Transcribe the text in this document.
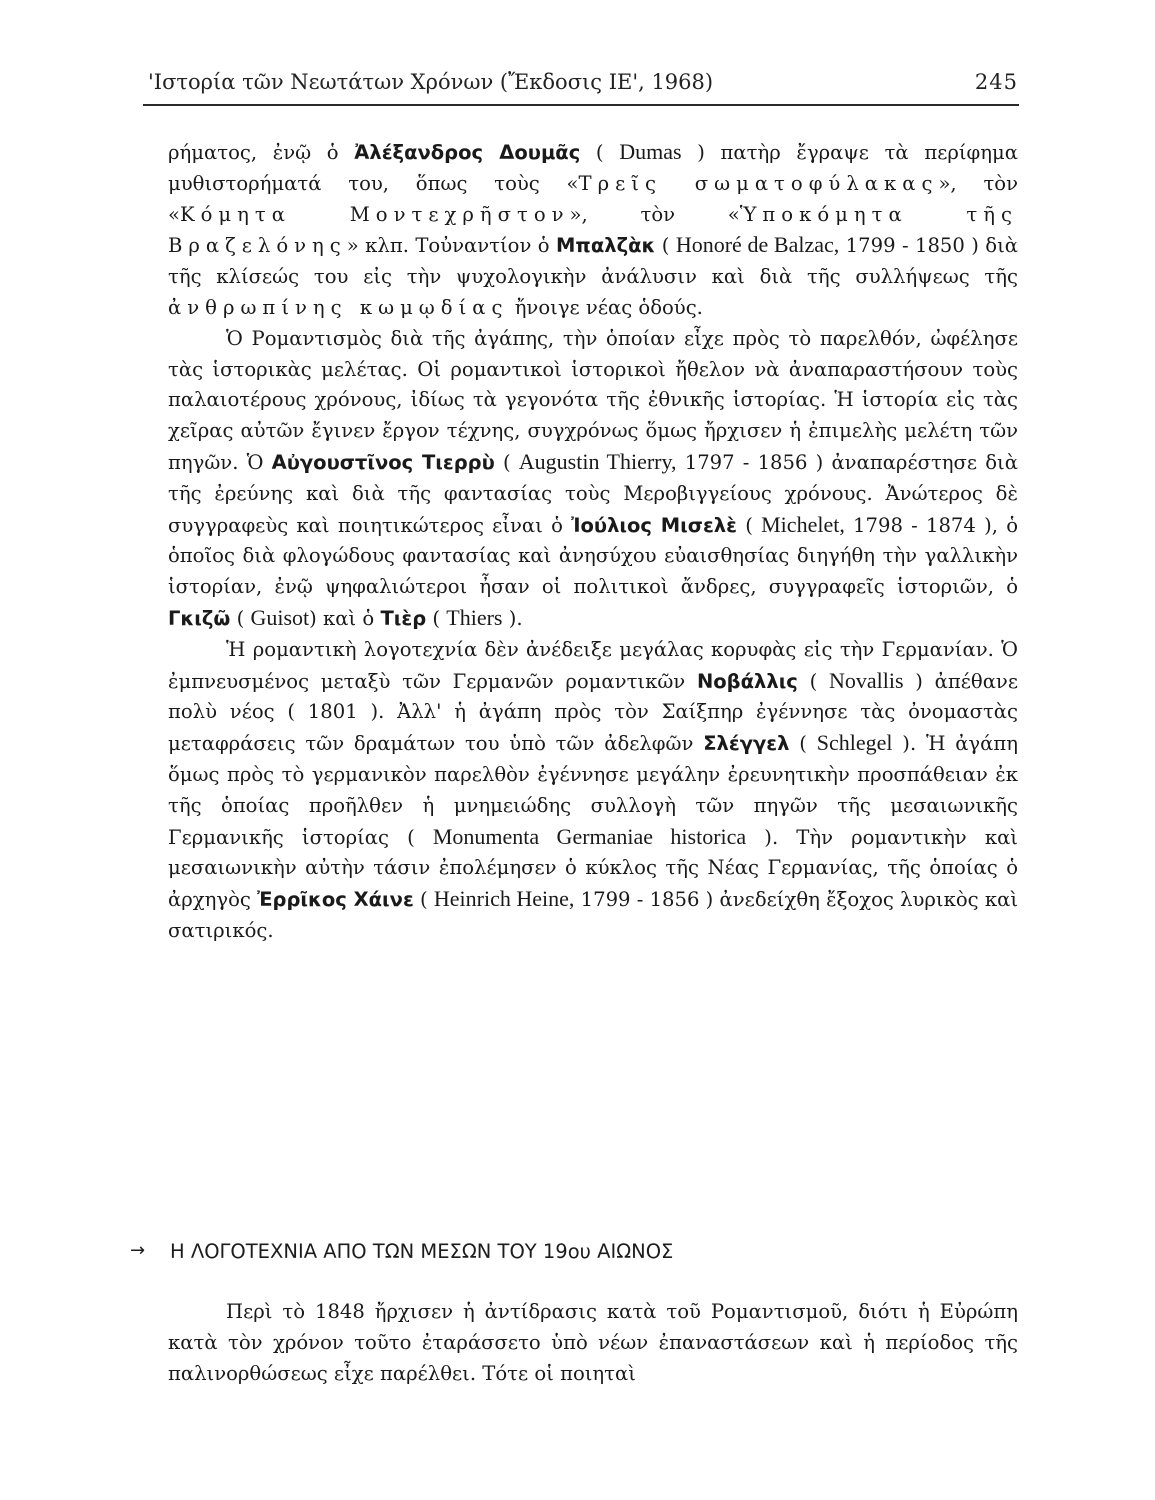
'Ιστορία τῶν Νεωτάτων Χρόνων (Ἔκδοσις ΙΕ', 1968)	245

ρήματος, ἐνῷ ὁ Ἀλέξανδρος Δουμᾶς ( Dumas ) πατὴρ ἔγραψε τὰ περίφημα μυθιστορήματά του, ὅπως τοὺς «Τρεῖς σωματοφύλακας», τὸν «Κόμητα Μοντεχρῆστον», τὸν «Ὑποκόμητα τῆς Βραζελόνης» κλπ. Τοὐναντίον ὁ Μπαλζὰκ ( Honoré de Balzac, 1799 - 1850 ) διὰ τῆς κλίσεώς του εἰς τὴν ψυχολογικὴν ἀνάλυσιν καὶ διὰ τῆς συλλήψεως τῆς ἀνθρωπίνης κωμῳδίας ἤνοιγε νέας ὁδούς.

Ὁ Ρομαντισμὸς διὰ τῆς ἀγάπης, τὴν ὁποίαν εἶχε πρὸς τὸ παρελθόν, ὠφέλησε τὰς ἱστορικὰς μελέτας. Οἱ ρομαντικοὶ ἱστορικοὶ ἤθελον νὰ ἀναπαραστήσουν τοὺς παλαιοτέρους χρόνους, ἰδίως τὰ γεγονότα τῆς ἐθνικῆς ἱστορίας. Ἡ ἱστορία εἰς τὰς χεῖρας αὐτῶν ἔγινεν ἔργον τέχνης, συγχρόνως ὅμως ἤρχισεν ἡ ἐπιμελὴς μελέτη τῶν πηγῶν. Ὁ Αὐγουστῖνος Τιερρὺ ( Augustin Thierry, 1797 - 1856 ) ἀναπαρέστησε διὰ τῆς ἐρεύνης καὶ διὰ τῆς φαντασίας τοὺς Μεροβιγγείους χρόνους. Ἀνώτερος δὲ συγγραφεὺς καὶ ποιητικώτερος εἶναι ὁ Ἰούλιος Μισελὲ ( Michelet, 1798 - 1874 ), ὁ ὁποῖος διὰ φλογώδους φαντασίας καὶ ἀνησύχου εὐαισθησίας διηγήθη τὴν γαλλικὴν ἱστορίαν, ἐνῷ ψηφαλιώτεροι ἦσαν οἱ πολιτικοὶ ἄνδρες, συγγραφεῖς ἱστοριῶν, ὁ Γκιζῶ ( Guisot) καὶ ὁ Τιὲρ ( Thiers ).

Ἡ ρομαντικὴ λογοτεχνία δὲν ἀνέδειξε μεγάλας κορυφὰς εἰς τὴν Γερμανίαν. Ὁ ἐμπνευσμένος μεταξὺ τῶν Γερμανῶν ρομαντικῶν Νοβάλλις ( Novallis ) ἀπέθανε πολὺ νέος ( 1801 ). Ἀλλ' ἡ ἀγάπη πρὸς τὸν Σαίξπηρ ἐγέννησε τὰς ὀνομαστὰς μεταφράσεις τῶν δραμάτων του ὑπὸ τῶν ἀδελφῶν Σλέγγελ ( Schlegel ). Ἡ ἀγάπη ὅμως πρὸς τὸ γερμανικὸν παρελθὸν ἐγέννησε μεγάλην ἐρευνητικὴν προσπάθειαν ἐκ τῆς ὁποίας προῆλθεν ἡ μνημειώδης συλλογὴ τῶν πηγῶν τῆς μεσαιωνικῆς Γερμανικῆς ἱστορίας ( Monumenta Germaniae historica ). Τὴν ρομαντικὴν καὶ μεσαιωνικὴν αὐτὴν τάσιν ἐπολέμησεν ὁ κύκλος τῆς Νέας Γερμανίας, τῆς ὁποίας ὁ ἀρχηγὸς Ἐρρῖκος Χάινε ( Heinrich Heine, 1799 - 1856 ) ἀνεδείχθη ἔξοχος λυρικὸς καὶ σατιρικός.

→ Η ΛΟΓΟΤΕΧΝΙΑ ΑΠΟ ΤΩΝ ΜΕΣΩΝ ΤΟΥ 19ου ΑΙΩΝΟΣ

Περὶ τὸ 1848 ἤρχισεν ἡ ἀντίδρασις κατὰ τοῦ Ρομαντισμοῦ, διότι ἡ Εὐρώπη κατὰ τὸν χρόνον τοῦτο ἐταράσσετο ὑπὸ νέων ἐπαναστάσεων καὶ ἡ περίοδος τῆς παλινορθώσεως εἶχε παρέλθει. Τότε οἱ ποιηταὶ
